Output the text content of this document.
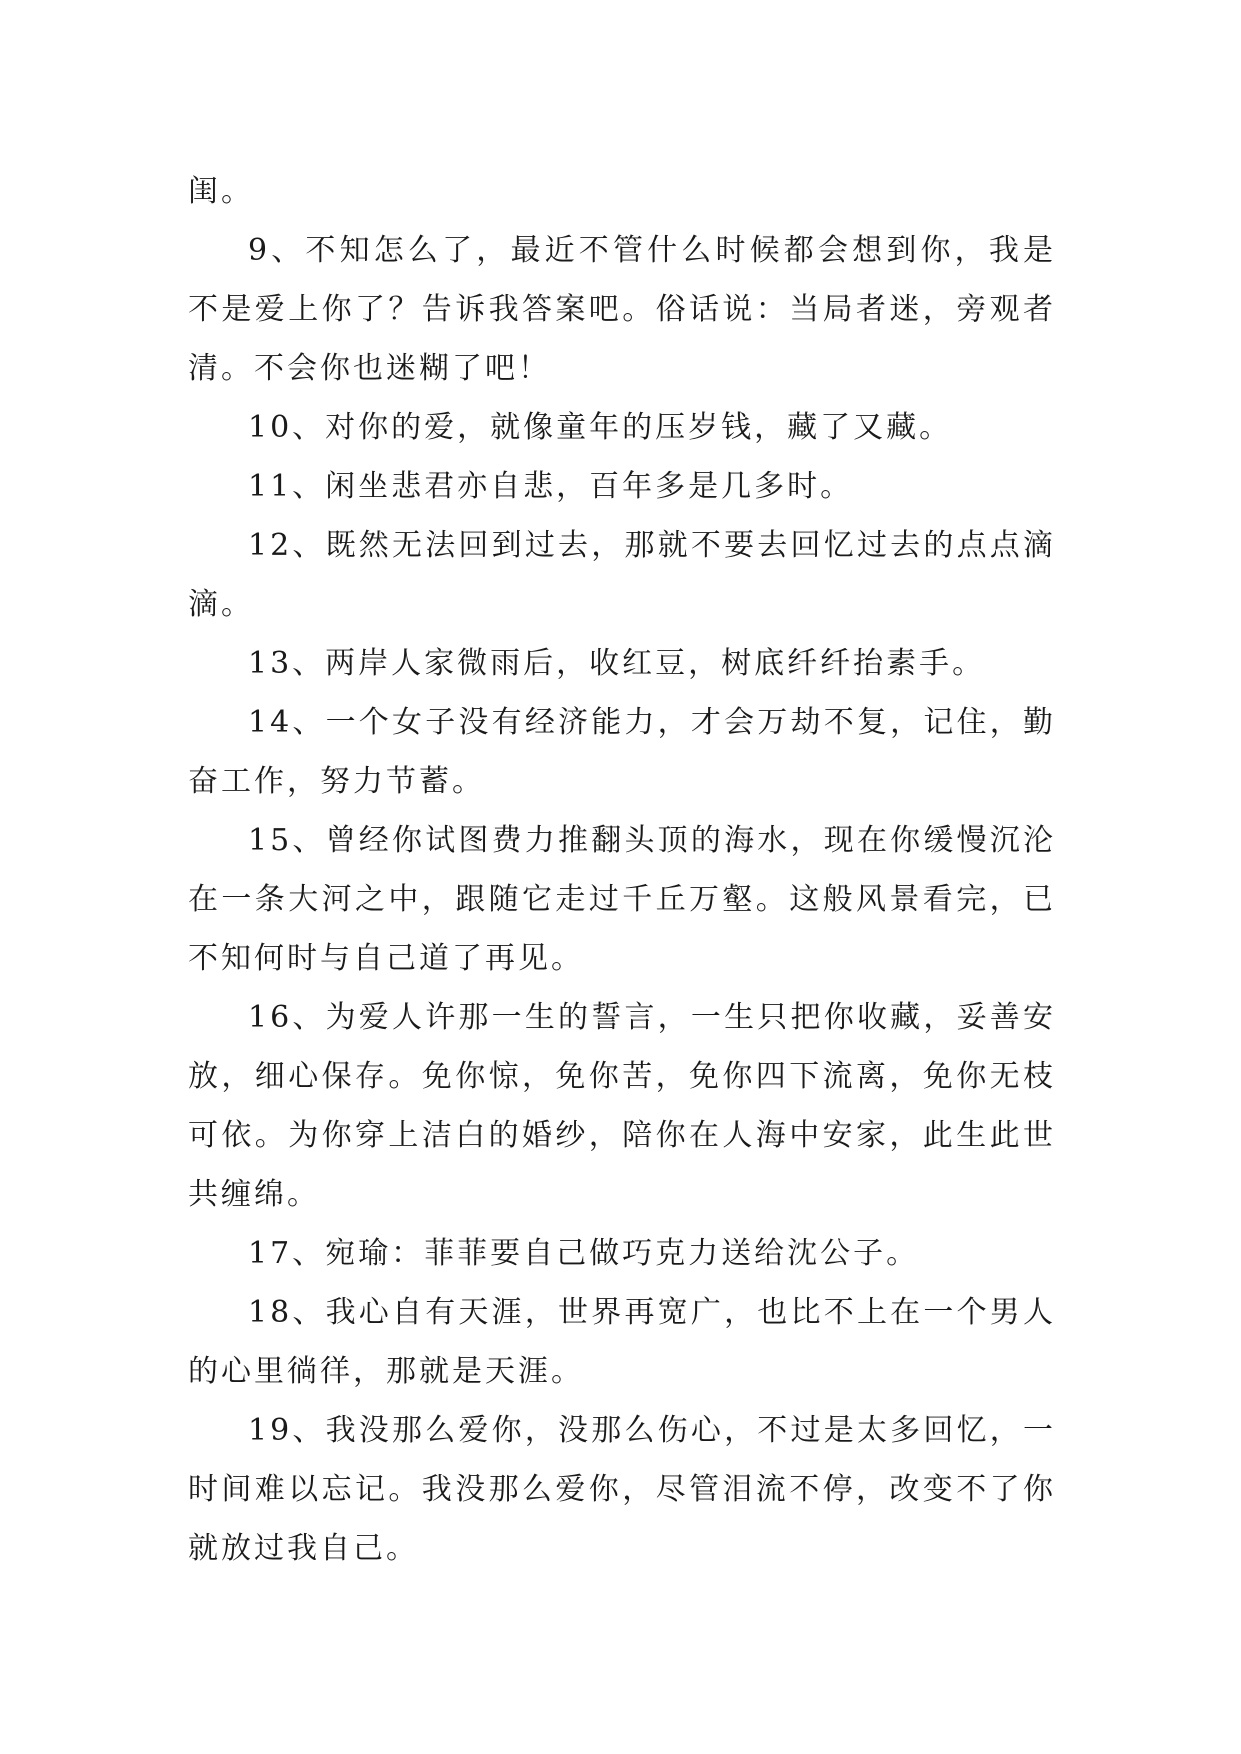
闺。

9、不知怎么了，最近不管什么时候都会想到你，我是不是爱上你了？告诉我答案吧。俗话说：当局者迷，旁观者清。不会你也迷糊了吧！

10、对你的爱，就像童年的压岁钱，藏了又藏。

11、闲坐悲君亦自悲，百年多是几多时。

12、既然无法回到过去，那就不要去回忆过去的点点滴滴。

13、两岸人家微雨后，收红豆，树底纤纤抬素手。

14、一个女子没有经济能力，才会万劫不复，记住，勤奋工作，努力节蓄。

15、曾经你试图费力推翻头顶的海水，现在你缓慢沉沦在一条大河之中，跟随它走过千丘万壑。这般风景看完，已不知何时与自己道了再见。

16、为爱人许那一生的誓言，一生只把你收藏，妥善安放，细心保存。免你惊，免你苦，免你四下流离，免你无枝可依。为你穿上洁白的婚纱，陪你在人海中安家，此生此世共缠绵。

17、宛瑜：菲菲要自己做巧克力送给沈公子。

18、我心自有天涯，世界再宽广，也比不上在一个男人的心里徜徉，那就是天涯。

19、我没那么爱你，没那么伤心，不过是太多回忆，一时间难以忘记。我没那么爱你，尽管泪流不停，改变不了你就放过我自己。
